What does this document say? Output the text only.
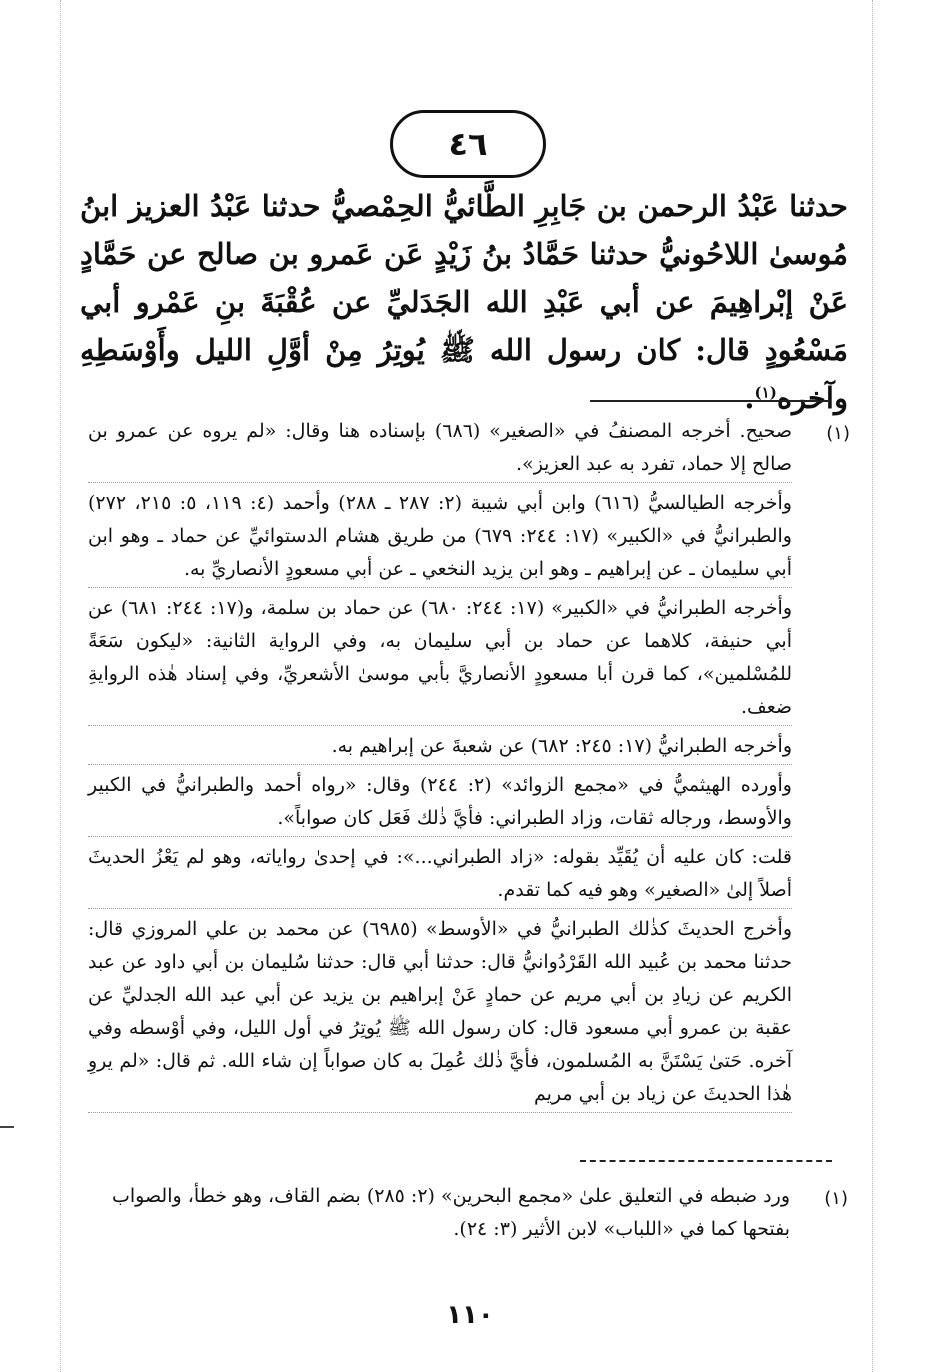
٤٦
حدثنا عَبْدُ الرحمن بن جَابِرِ الطَّائيُّ الحِمْصيُّ حدثنا عَبْدُ العزيز ابنُ مُوسىٰ اللاحُونيُّ حدثنا حَمَّادُ بنُ زَيْدٍ عَن عَمرو بن صالح عن حَمَّادٍ عَنْ إبْراهِيمَ عن أبي عَبْدِ الله الجَدَليِّ عن عُقْبَةَ بنِ عَمْرو أبي مَسْعُودٍ قال: كان رسول الله ﷺ يُوتِرُ مِنْ أوَّلِ الليل وأَوْسَطِهِ وآخره$^{(١)}$.
(١)

صحيح. أخرجه المصنفُ في «الصغير» (٦٨٦) بإسناده هنا وقال: «لم يروه عن عمرو بن صالح إلا حماد، تفرد به عبد العزيز».

وأخرجه الطيالسيُّ (٦١٦) وابن أبي شيبة (٢: ٢٨٧ ـ ٢٨٨) وأحمد (٤: ١١٩، ٥: ٢١٥، ٢٧٢) والطبرانيُّ في «الكبير» (١٧: ٢٤٤: ٦٧٩) من طريق هشام الدستوائيِّ عن حماد ـ وهو ابن أبي سليمان ـ عن إبراهيم ـ وهو ابن يزيد النخعي ـ عن أبي مسعودٍ الأنصاريِّ به.

وأخرجه الطبرانيُّ في «الكبير» (١٧: ٢٤٤: ٦٨٠) عن حماد بن سلمة، و(١٧: ٢٤٤: ٦٨١) عن أبي حنيفة، كلاهما عن حماد بن أبي سليمان به، وفي الرواية الثانية: «ليكون سَعَةً للمُسْلمين»، كما قرن أبا مسعودٍ الأنصاريَّ بأبي موسىٰ الأشعريِّ، وفي إسناد هٰذه الروايةِ ضعف.

وأخرجه الطبرانيُّ (١٧: ٢٤٥: ٦٨٢) عن شعبةَ عن إبراهيم به.

وأورده الهيثميُّ في «مجمع الزوائد» (٢: ٢٤٤) وقال: «رواه أحمد والطبرانيُّ في الكبير والأوسط، ورجاله ثقات، وزاد الطبراني: فأيَّ ذٰلك فَعَل كان صواباً».

قلت: كان عليه أن يُقَيِّد بقوله: «زاد الطبراني...»: في إحدىٰ رواياته، وهو لم يَعْزُ الحديثَ أصلاً إلىٰ «الصغير» وهو فيه كما تقدم.

وأخرج الحديثَ كذٰلك الطبرانيُّ في «الأوسط» (٦٩٨٥) عن محمد بن علي المروزي قال: حدثنا محمد بن عُبيد الله القَرْدُوانيُّ قال: حدثنا أبي قال: حدثنا سُليمان بن أبي داود عن عبد الكريم عن زيادِ بن أبي مريم عن حمادٍ عَنْ إبراهيم بن يزيد عن أبي عبد الله الجدليِّ عن عقبة بن عمرو أبي مسعود قال: كان رسول الله ﷺ يُوتِرُ في أول الليل، وفي أوْسطه وفي آخره. حَتىٰ يَسْتَنَّ به المُسلمون، فأيَّ ذٰلك عُمِلَ به كان صواباً إن شاء الله. ثم قال: «لم يروِ هٰذا الحديثَ عن زياد بن أبي مريم

(١)
ورد ضبطه في التعليق علىٰ «مجمع البحرين» (٢: ٢٨٥) بضم القاف، وهو خطأ، والصواب بفتحها كما في «اللباب» لابن الأثير (٣: ٢٤).
١١٠
